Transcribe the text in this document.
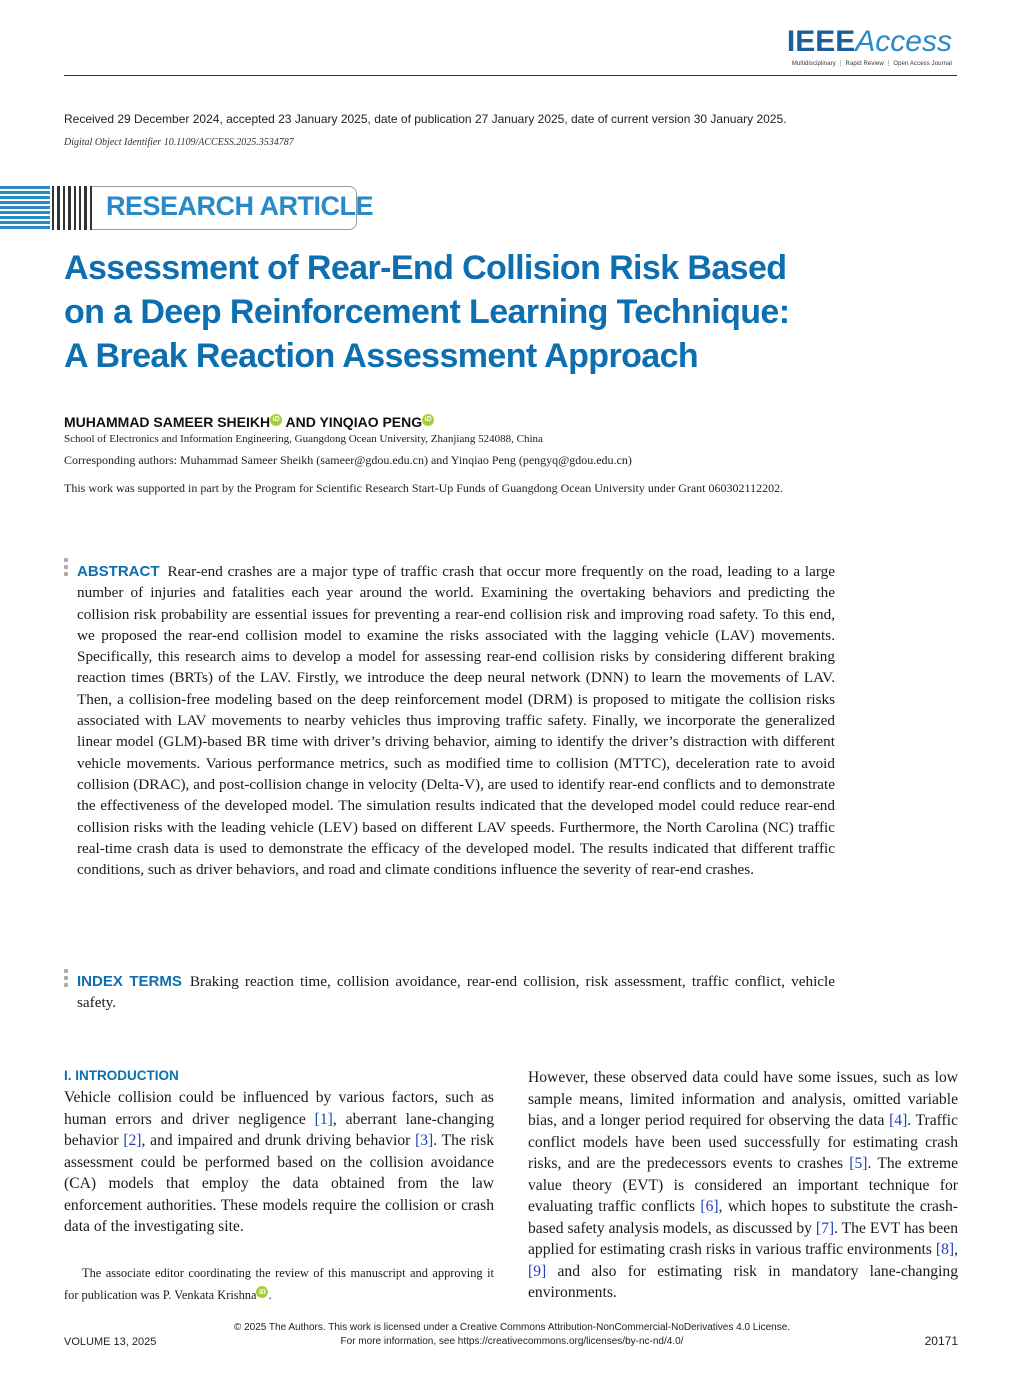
IEEEAccess
Multidisciplinary ⋮ Rapid Review ⋮ Open Access Journal
Received 29 December 2024, accepted 23 January 2025, date of publication 27 January 2025, date of current version 30 January 2025.
Digital Object Identifier 10.1109/ACCESS.2025.3534787
RESEARCH ARTICLE
Assessment of Rear-End Collision Risk Based
on a Deep Reinforcement Learning Technique:
A Break Reaction Assessment Approach
MUHAMMAD SAMEER SHEIKH iD AND YINQIAO PENG iD
School of Electronics and Information Engineering, Guangdong Ocean University, Zhanjiang 524088, China
Corresponding authors: Muhammad Sameer Sheikh (sameer@gdou.edu.cn) and Yinqiao Peng (pengyq@gdou.edu.cn)
This work was supported in part by the Program for Scientific Research Start-Up Funds of Guangdong Ocean University under Grant 060302112202.
ABSTRACT Rear-end crashes are a major type of traffic crash that occur more frequently on the road, leading to a large number of injuries and fatalities each year around the world. Examining the overtaking behaviors and predicting the collision risk probability are essential issues for preventing a rear-end collision risk and improving road safety. To this end, we proposed the rear-end collision model to examine the risks associated with the lagging vehicle (LAV) movements. Specifically, this research aims to develop a model for assessing rear-end collision risks by considering different braking reaction times (BRTs) of the LAV. Firstly, we introduce the deep neural network (DNN) to learn the movements of LAV. Then, a collision-free modeling based on the deep reinforcement model (DRM) is proposed to mitigate the collision risks associated with LAV movements to nearby vehicles thus improving traffic safety. Finally, we incorporate the generalized linear model (GLM)-based BR time with driver’s driving behavior, aiming to identify the driver’s distraction with different vehicle movements. Various performance metrics, such as modified time to collision (MTTC), deceleration rate to avoid collision (DRAC), and post-collision change in velocity (Delta-V), are used to identify rear-end conflicts and to demonstrate the effectiveness of the developed model. The simulation results indicated that the developed model could reduce rear-end collision risks with the leading vehicle (LEV) based on different LAV speeds. Furthermore, the North Carolina (NC) traffic real-time crash data is used to demonstrate the efficacy of the developed model. The results indicated that different traffic conditions, such as driver behaviors, and road and climate conditions influence the severity of rear-end crashes.
INDEX TERMS Braking reaction time, collision avoidance, rear-end collision, risk assessment, traffic conflict, vehicle safety.
I. INTRODUCTION
Vehicle collision could be influenced by various factors, such as human errors and driver negligence [1], aberrant lane-changing behavior [2], and impaired and drunk driving behavior [3]. The risk assessment could be performed based on the collision avoidance (CA) models that employ the data obtained from the law enforcement authorities. These models require the collision or crash data of the investigating site.
The associate editor coordinating the review of this manuscript and approving it for publication was P. Venkata Krishna iD .
However, these observed data could have some issues, such as low sample means, limited information and analysis, omitted variable bias, and a longer period required for observing the data [4]. Traffic conflict models have been used successfully for estimating crash risks, and are the predecessors events to crashes [5]. The extreme value theory (EVT) is considered an important technique for evaluating traffic conflicts [6], which hopes to substitute the crash-based safety analysis models, as discussed by [7]. The EVT has been applied for estimating crash risks in various traffic environments [8], [9] and also for estimating risk in mandatory lane-changing environments.
© 2025 The Authors. This work is licensed under a Creative Commons Attribution-NonCommercial-NoDerivatives 4.0 License.
For more information, see https://creativecommons.org/licenses/by-nc-nd/4.0/
VOLUME 13, 2025	20171
